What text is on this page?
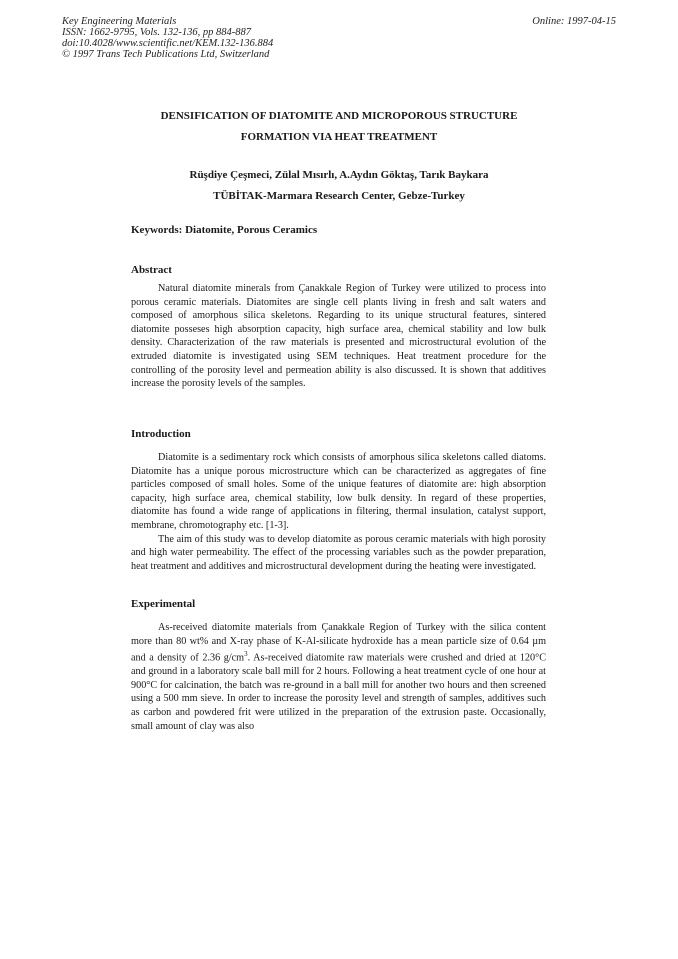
Key Engineering Materials
ISSN: 1662-9795, Vols. 132-136, pp 884-887
doi:10.4028/www.scientific.net/KEM.132-136.884
© 1997 Trans Tech Publications Ltd, Switzerland
Online: 1997-04-15
DENSIFICATION OF DIATOMITE AND MICROPOROUS STRUCTURE
FORMATION VIA HEAT TREATMENT
Rüşdiye Çeşmeci, Zülal Mısırlı, A.Aydın Göktaş, Tarık Baykara
TÜBİTAK-Marmara Research Center, Gebze-Turkey
Keywords: Diatomite, Porous Ceramics
Abstract

Natural diatomite minerals from Çanakkale Region of Turkey were utilized to process into porous ceramic materials. Diatomites are single cell plants living in fresh and salt waters and composed of amorphous silica skeletons. Regarding to its unique structural features, sintered diatomite posseses high absorption capacity, high surface area, chemical stability and low bulk density. Characterization of the raw materials is presented and microstructural evolution of the extruded diatomite is investigated using SEM techniques. Heat treatment procedure for the controlling of the porosity level and permeation ability is also discussed. It is shown that additives increase the porosity levels of the samples.

Introduction

Diatomite is a sedimentary rock which consists of amorphous silica skeletons called diatoms. Diatomite has a unique porous microstructure which can be characterized as aggregates of fine particles composed of small holes. Some of the unique features of diatomite are: high absorption capacity, high surface area, chemical stability, low bulk density. In regard of these properties, diatomite has found a wide range of applications in filtering, thermal insulation, catalyst support, membrane, chromotography etc. [1-3].

The aim of this study was to develop diatomite as porous ceramic materials with high porosity and high water permeability. The effect of the processing variables such as the powder preparation, heat treatment and additives and microstructural development during the heating were investigated.

Experimental

As-received diatomite materials from Çanakkale Region of Turkey with the silica content more than 80 wt% and X-ray phase of K-Al-silicate hydroxide has a mean particle size of 0.64 µm and a density of 2.36 $g/cm^3$. As-received diatomite raw materials were crushed and dried at 120°C and ground in a laboratory scale ball mill for 2 hours. Following a heat treatment cycle of one hour at 900°C for calcination, the batch was re-ground in a ball mill for another two hours and then screened using a 500 mm sieve. In order to increase the porosity level and strength of samples, additives such as carbon and powdered frit were utilized in the preparation of the extrusion paste. Occasionally, small amount of clay was also
